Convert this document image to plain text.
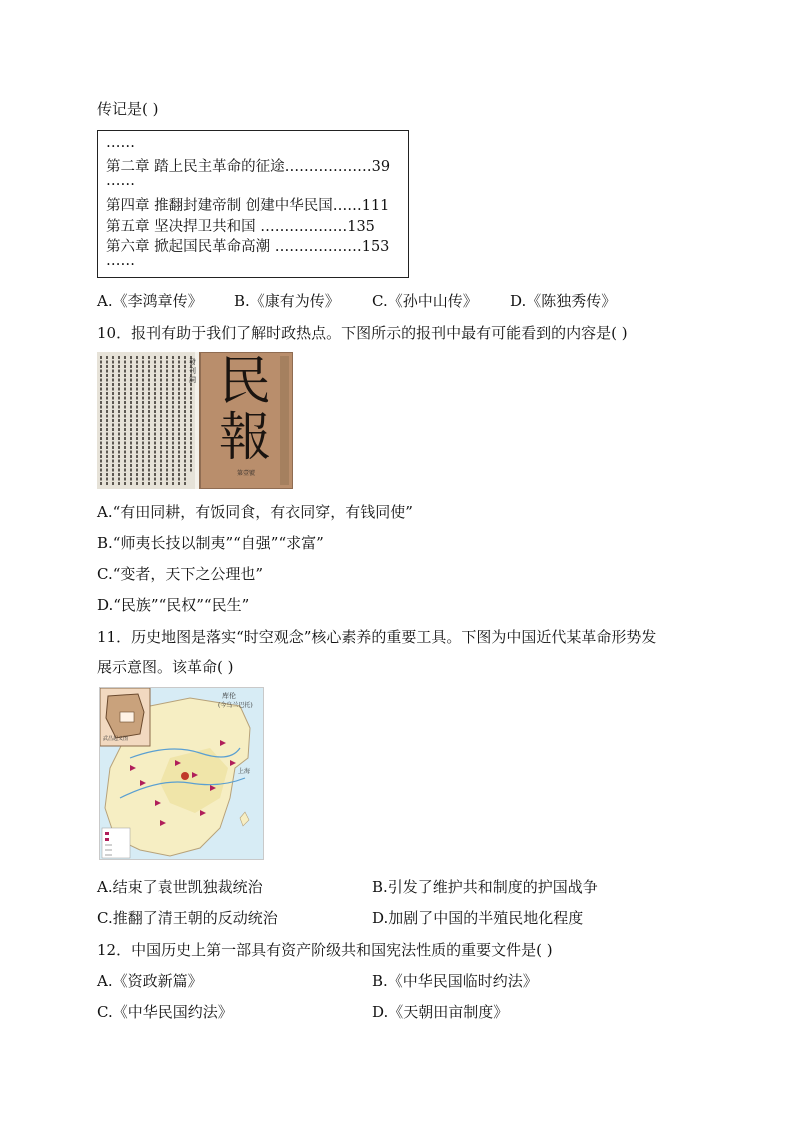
传记是( )
……
第二章 踏上民主革命的征途………………39
……
第四章 推翻封建帝制 创建中华民国……111
第五章 坚决捍卫共和国 ………………135
第六章 掀起国民革命高潮 ………………153
……
A.《李鸿章传》 B.《康有为传》 C.《孙中山传》 D.《陈独秀传》
10．报刊有助于我们了解时政热点。下图所示的报刊中最有可能看到的内容是( )
民
報
發刊詞
第壹號
A.“有田同耕，有饭同食，有衣同穿，有钱同使”
B.“师夷长技以制夷”“自强”“求富”
C.“变者，天下之公理也”
D.“民族”“民权”“民生”
11．历史地图是落实“时空观念”核心素养的重要工具。下图为中国近代某革命形势发
展示意图。该革命( )
库伦
(今乌兰巴托)
上海
武昌起义图
A.结束了袁世凯独裁统治	B.引发了维护共和制度的护国战争
C.推翻了清王朝的反动统治	D.加剧了中国的半殖民地化程度
12．中国历史上第一部具有资产阶级共和国宪法性质的重要文件是( )
A.《资政新篇》	B.《中华民国临时约法》
C.《中华民国约法》	D.《天朝田亩制度》
